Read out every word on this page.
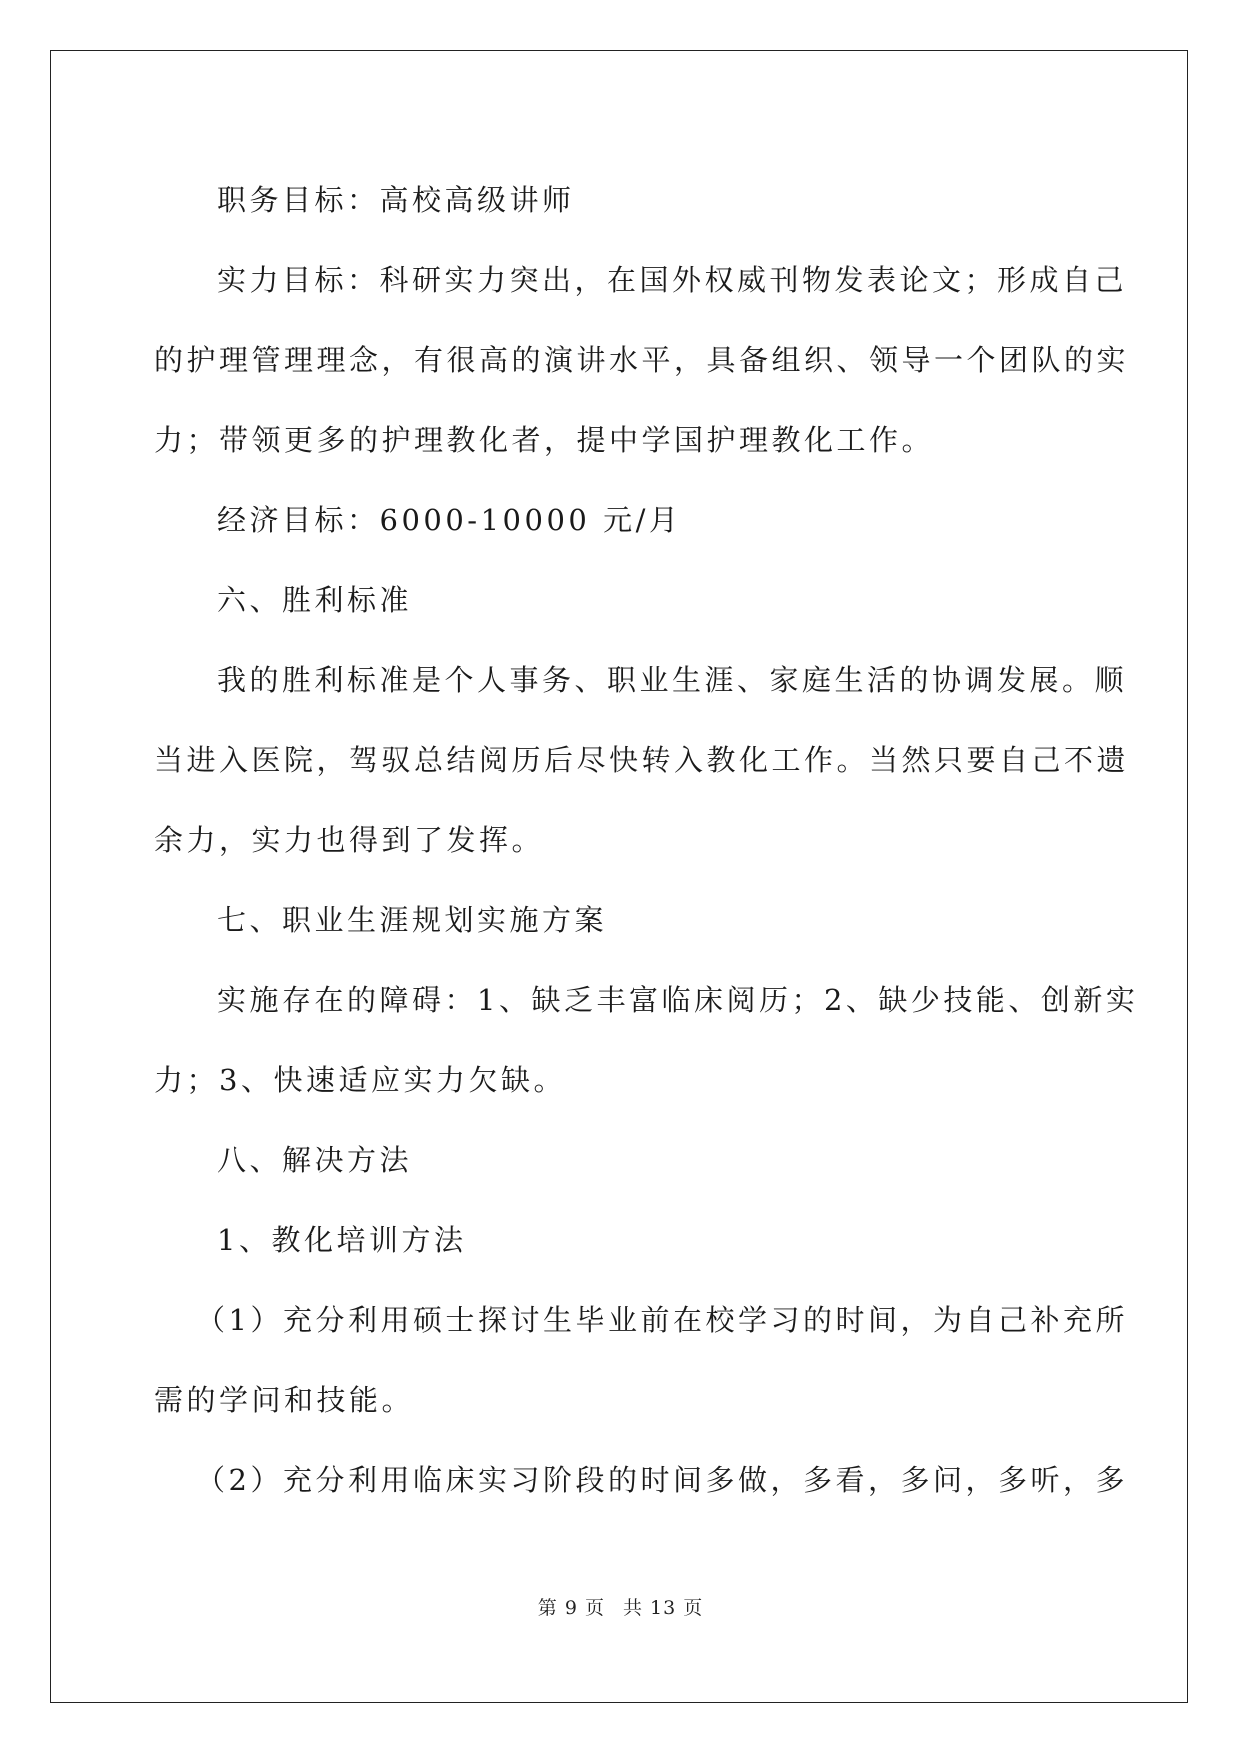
职务目标：高校高级讲师

实力目标：科研实力突出，在国外权威刊物发表论文；形成自己

的护理管理理念，有很高的演讲水平，具备组织、领导一个团队的实

力；带领更多的护理教化者，提中学国护理教化工作。

经济目标：6000-10000 元/月

六、胜利标准

我的胜利标准是个人事务、职业生涯、家庭生活的协调发展。顺

当进入医院，驾驭总结阅历后尽快转入教化工作。当然只要自己不遗

余力，实力也得到了发挥。

七、职业生涯规划实施方案

实施存在的障碍：1、缺乏丰富临床阅历；2、缺少技能、创新实

力；3、快速适应实力欠缺。

八、解决方法

1、教化培训方法

（1）充分利用硕士探讨生毕业前在校学习的时间，为自己补充所

需的学问和技能。

（2）充分利用临床实习阶段的时间多做，多看，多问，多听，多

第 9 页 共 13 页
